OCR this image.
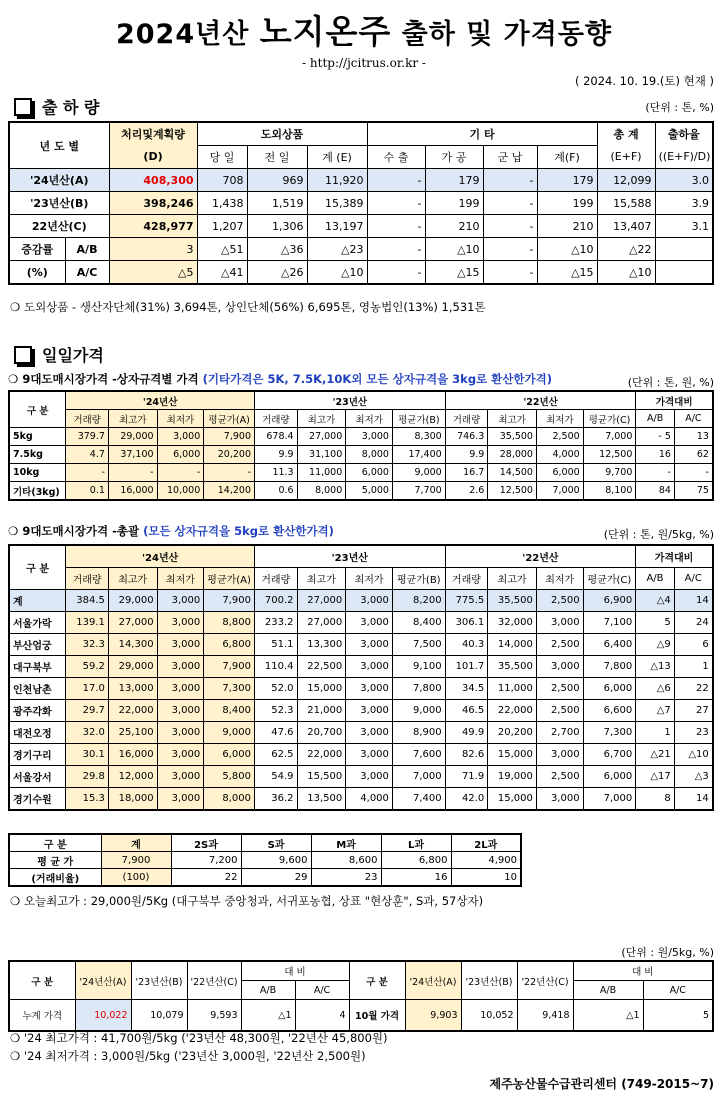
2024년산 노지온주 출하 및 가격동향
- http://jcitrus.or.kr -
( 2024. 10. 19.(토) 현재 )
출 하 량	(단위 : 톤, %)
년 도 별		처리및계획량	도외상품			기 타				총 계	출하율
		(D)	당 일	전 일	계 (E)	수 출	가 공	군 납	계(F)	(E+F)	((E+F)/D)
'24년산(A)		408,300	708	969	11,920	-	179	-	179	12,099	3.0
'23년산(B)		398,246	1,438	1,519	15,389	-	199	-	199	15,588	3.9
22년산(C)		428,977	1,207	1,306	13,197	-	210	-	210	13,407	3.1
증감률	A/B	3	△51	△36	△23	-	△10	-	△10	△22	
(%)	A/C	△5	△41	△26	△10	-	△15	-	△15	△10	
❍ 도외상품 - 생산자단체(31%) 3,694톤, 상인단체(56%) 6,695톤, 영농법인(13%) 1,531톤
일일가격
❍ 9대도매시장가격 -상자규격별 가격 (기타가격은 5K, 7.5K,10K외 모든 상자규격을 3kg로 환산한가격)	(단위 : 톤, 원, %)
구 분	'24년산				'23년산				'22년산				가격대비	
	거래량	최고가	최저가	평균가(A)	거래량	최고가	최저가	평균가(B)	거래량	최고가	최저가	평균가(C)	A/B	A/C
5kg	379.7	29,000	3,000	7,900	678.4	27,000	3,000	8,300	746.3	35,500	2,500	7,000	- 5	13
7.5kg	4.7	37,100	6,000	20,200	9.9	31,100	8,000	17,400	9.9	28,000	4,000	12,500	16	62
10kg	-	-	-	-	11.3	11,000	6,000	9,000	16.7	14,500	6,000	9,700	-	-
기타(3kg)	0.1	16,000	10,000	14,200	0.6	8,000	5,000	7,700	2.6	12,500	7,000	8,100	84	75
❍ 9대도매시장가격 -총괄 (모든 상자규격을 5kg로 환산한가격)	(단위 : 톤, 원/5kg, %)
구 분	'24년산				'23년산				'22년산				가격대비	
	거래량	최고가	최저가	평균가(A)	거래량	최고가	최저가	평균가(B)	거래량	최고가	최저가	평균가(C)	A/B	A/C
계	384.5	29,000	3,000	7,900	700.2	27,000	3,000	8,200	775.5	35,500	2,500	6,900	△4	14
서울가락	139.1	27,000	3,000	8,800	233.2	27,000	3,000	8,400	306.1	32,000	3,000	7,100	5	24
부산엄궁	32.3	14,300	3,000	6,800	51.1	13,300	3,000	7,500	40.3	14,000	2,500	6,400	△9	6
대구북부	59.2	29,000	3,000	7,900	110.4	22,500	3,000	9,100	101.7	35,500	3,000	7,800	△13	1
인천남촌	17.0	13,000	3,000	7,300	52.0	15,000	3,000	7,800	34.5	11,000	2,500	6,000	△6	22
광주각화	29.7	22,000	3,000	8,400	52.3	21,000	3,000	9,000	46.5	22,000	2,500	6,600	△7	27
대전오정	32.0	25,100	3,000	9,000	47.6	20,700	3,000	8,900	49.9	20,200	2,700	7,300	1	23
경기구리	30.1	16,000	3,000	6,000	62.5	22,000	3,000	7,600	82.6	15,000	3,000	6,700	△21	△10
서울강서	29.8	12,000	3,000	5,800	54.9	15,500	3,000	7,000	71.9	19,000	2,500	6,000	△17	△3
경기수원	15.3	18,000	3,000	8,000	36.2	13,500	4,000	7,400	42.0	15,000	3,000	7,000	8	14
구 분	계	2S과	S과	M과	L과	2L과
평 균 가	7,900	7,200	9,600	8,600	6,800	4,900
(거래비율)	(100)	22	29	23	16	10
❍ 오늘최고가 : 29,000원/5Kg (대구북부 중앙청과, 서귀포농협, 상표 "현상훈", S과, 57상자)
(단위 : 원/5kg, %)
구 분	'24년산(A)	'23년산(B)	'22년산(C)	대 비		구 분	'24년산(A)	'23년산(B)	'22년산(C)	대 비	
				A/B	A/C					A/B	A/C
누계 가격	10,022	10,079	9,593	△1	4	10월 가격	9,903	10,052	9,418	△1	5
❍ '24 최고가격 : 41,700원/5kg ('23년산 48,300원, '22년산 45,800원)
❍ '24 최저가격 : 3,000원/5kg ('23년산 3,000원, '22년산 2,500원)
제주농산물수급관리센터 (749-2015~7)
